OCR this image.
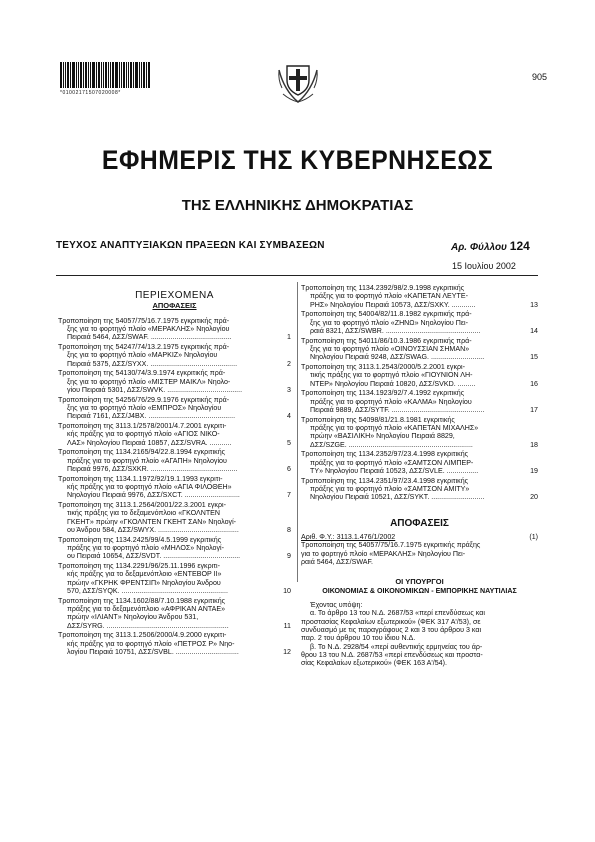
*01002171507020008*
905
ΕΦΗΜΕΡΙΣ ΤΗΣ ΚΥΒΕΡΝΗΣΕΩΣ
ΤΗΣ ΕΛΛΗΝΙΚΗΣ ΔΗΜΟΚΡΑΤΙΑΣ
ΤΕΥΧΟΣ ΑΝΑΠΤΥΞΙΑΚΩΝ ΠΡΑΞΕΩΝ ΚΑΙ ΣΥΜΒΑΣΕΩΝ	Αρ. Φύλλου 124
15 Ιουλίου 2002
ΠΕΡΙΕΧΟΜΕΝΑ
ΑΠΟΦΑΣΕΙΣ
Τροποποίηση της 54057/75/16.7.1975 εγκριτικής πρά-
ξης για το φορτηγό πλοίο «ΜΕΡΑΚΛΗΣ» Νηολογίου
Πειραιά 5464, ΔΣΣ/SWAF. .........................................	1
Τροποποίηση της 54247/74/13.2.1975 εγκριτικής πρά-
ξης για το φορτηγό πλοίο «ΜΑΡΚΙΖ» Νηολογίου
Πειραιά 5375, ΔΣΣ/SYXX. ............................................	2
Τροποποίηση της 54130/74/3.9.1974 εγκριτικής πρά-
ξης για το φορτηγό πλοίο «ΜΙΣΤΕΡ ΜΑΙΚΛ» Νηολο-
γίου Πειραιά 5301, ΔΣΣ/SWVK. ......................................	3
Τροποποίηση της 54256/76/29.9.1976 εγκριτικής πρά-
ξης για το φορτηγό πλοίο «ΕΜΠΡΟΣ» Νηολογίου
Πειραιά 7161, ΔΣΣ/J4BX. ............................................	4
Τροποποίηση της 3113.1/2578/2001/4.7.2001 εγκριτι-
κής πράξης για το φορτηγό πλοίο «ΑΓΙΟΣ ΝΙΚΟ-
ΛΑΣ» Νηολογίου Πειραιά 10857, ΔΣΣ/SVRA. ...........	5
Τροποποίηση της 1134.2165/94/22.8.1994 εγκριτικής
πράξης για το φορτηγό πλοίο «ΑΓΑΠΗ» Νηολογίου
Πειραιά 9976, ΔΣΣ/SXKR. ............................................	6
Τροποποίηση της 1134.1.1972/92/19.1.1993 εγκριτι-
κής πράξης για το φορτηγό πλοίο «ΑΓΙΑ ΦΙΛΟΘΕΗ»
Νηολογίου Πειραιά 9976, ΔΣΣ/SXCT. ............................	7
Τροποποίηση της 3113.1.2564/2001/22.3.2001 εγκρι-
τικής πράξης για το δεξαμενόπλοιο «ΓΚΟΛΝΤΕΝ
ΓΚΕΗΤ» πρώην «ΓΚΟΛΝΤΕΝ ΓΚΕΗΤ ΣΑΝ» Νηολογί-
ου Άνδρου 584, ΔΣΣ/SWYX. .........................................	8
Τροποποίηση της 1134.2425/99/4.5.1999 εγκριτικής
πράξης για το φορτηγό πλοίο «ΜΗΛΟΣ» Νηολογί-
ου Πειραιά 10654, ΔΣΣ/SVDT. .......................................	9
Τροποποίηση της 1134.2291/96/25.11.1996 εγκριτι-
κής πράξης για το δεξαμενόπλοιο «ΕΝΤΕΒΟΡ ΙΙ»
πρώην «ΓΚΡΗΚ ΦΡΕΝΤΣΙΠ» Νηολογίου Άνδρου
570, ΔΣΣ/SYQK. ......................................................	10
Τροποποίηση της 1134.1602/88/7.10.1988 εγκριτικής
πράξης για το δεξαμενόπλοιο «ΑΦΡΙΚΑΝ ΑΝΤΑΕ»
πρώην «ΙΛΙΑΝΤ» Νηολογίου Άνδρου 531,
ΔΣΣ/SYRG. ..............................................................	11
Τροποποίηση της 3113.1.2506/2000/4.9.2000 εγκριτι-
κής πράξης για το φορτηγό πλοίο «ΠΕΤΡΟΣ Ρ» Νηο-
λογίου Πειραιά 10751, ΔΣΣ/SVBL. ................................	12
Τροποποίηση της 1134.2392/98/2.9.1998 εγκριτικής
πράξης για το φορτηγό πλοίο «ΚΑΠΕΤΑΝ ΛΕΥΤΕ-
ΡΗΣ» Νηολογίου Πειραιά 10573, ΔΣΣ/SXKY. ............	13
Τροποποίηση της 54004/82/11.8.1982 εγκριτικής πρά-
ξης για το φορτηγό πλοίο «ΖΗΝΩ» Νηολογίου Πει-
ραιά 8321, ΔΣΣ/SWBR. ................................................	14
Τροποποίηση της 54011/86/10.3.1986 εγκριτικής πρά-
ξης για το φορτηγό πλοίο «ΟΙΝΟΥΣΣΙΑΝ ΣΗΜΑΝ»
Νηολογίου Πειραιά 9248, ΔΣΣ/SWAG. ...........................	15
Τροποποίηση της 3113.1.2543/2000/5.2.2001 εγκρι-
τικής πράξης για το φορτηγό πλοίο «ΓΙΟΥΝΙΟΝ ΛΗ-
ΝΤΕΡ» Νηολογίου Πειραιά 10820, ΔΣΣ/SVKD. .........	16
Τροποποίηση της 1134.1923/92/7.4.1992 εγκριτικής
πράξης για το φορτηγό πλοίο «ΚΑΛΜΑ» Νηολογίου
Πειραιά 9889, ΔΣΣ/SYTF. ...............................................	17
Τροποποίηση της 54098/81/21.8.1981 εγκριτικής
πράξης για το φορτηγό πλοίο «ΚΑΠΕΤΑΝ ΜΙΧΑΛΗΣ»
πρώην «ΒΑΣΙΛΙΚΗ» Νηολογίου Πειραιά 8829,
ΔΣΣ/SZGE. ...............................................................	18
Τροποποίηση της 1134.2352/97/23.4.1998 εγκριτικής
πράξης για το φορτηγό πλοίο «ΣΑΜΤΣΟΝ ΛΙΜΠΕΡ-
ΤΥ» Νηολογίου Πειραιά 10523, ΔΣΣ/SVLE. ................	19
Τροποποίηση της 1134.2351/97/23.4.1998 εγκριτικής
πράξης για το φορτηγό πλοίο «ΣΑΜΤΣΟΝ ΑΜΙΤΥ»
Νηολογίου Πειραιά 10521, ΔΣΣ/SYKT. ...........................	20
ΑΠΟΦΑΣΕΙΣ
Αριθ. Φ.Υ.: 3113.1.476/1/2002	(1)
Τροποποίηση της 54057/75/16.7.1975 εγκριτικής πράξης
για το φορτηγό πλοίο «ΜΕΡΑΚΛΗΣ» Νηολογίου Πει-
ραιά 5464, ΔΣΣ/SWAF.
ΟΙ ΥΠΟΥΡΓΟΙ
ΟΙΚΟΝΟΜΙΑΣ & ΟΙΚΟΝΟΜΙΚΩΝ - ΕΜΠΟΡΙΚΗΣ ΝΑΥΤΙΛΙΑΣ
Έχοντας υπόψη:
α. Το άρθρο 13 του Ν.Δ. 2687/53 «περί επενδύσεως και
προστασίας Κεφαλαίων εξωτερικού» (ΦΕΚ 317 Α'/53), σε
συνδυασμό με τις παραγράφους 2 και 3 του άρθρου 3 και
παρ. 2 του άρθρου 10 του ίδιου Ν.Δ.
β. Το Ν.Δ. 2928/54 «περί αυθεντικής ερμηνείας του άρ-
θρου 13 του Ν.Δ. 2687/53 «περί επενδύσεως και προστα-
σίας Κεφαλαίων εξωτερικού» (ΦΕΚ 163 Α'/54).
